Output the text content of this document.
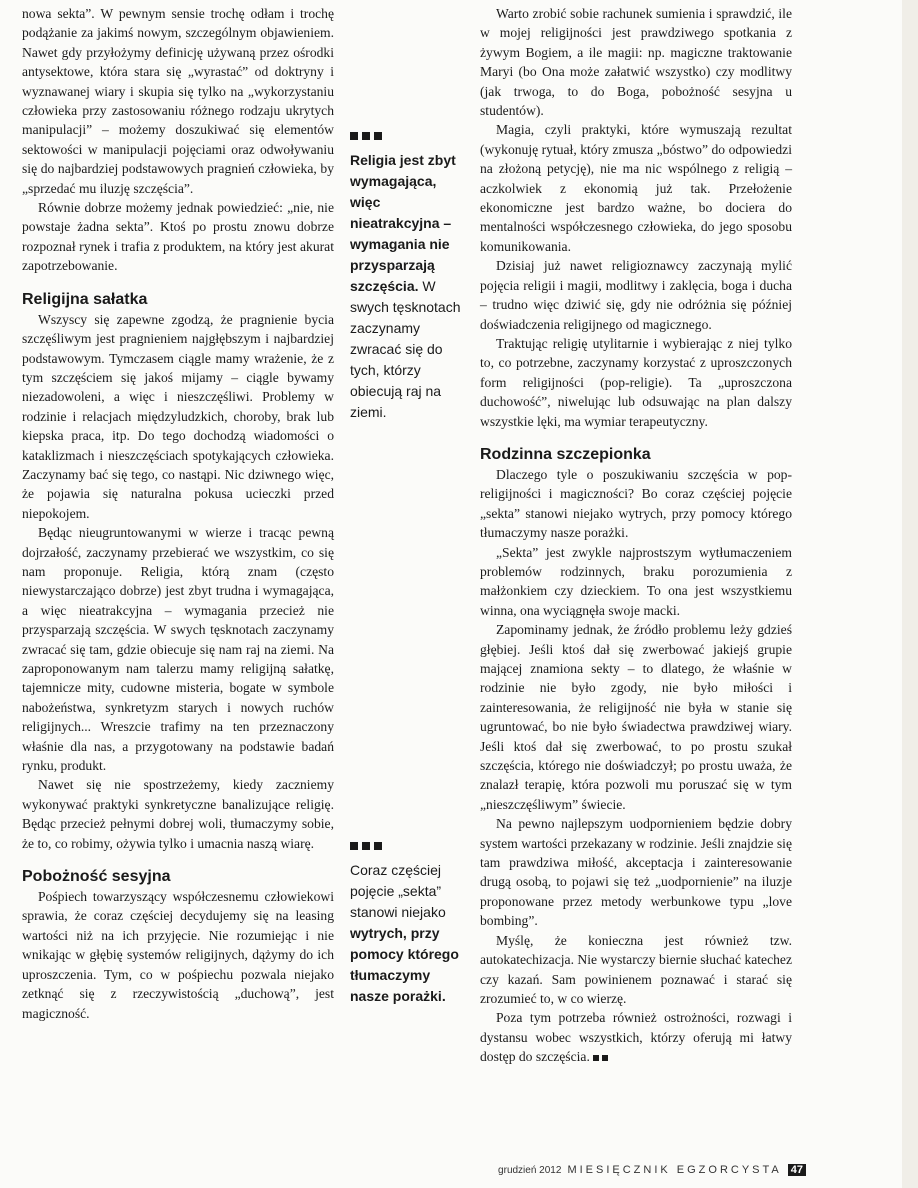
nowa sekta”. W pewnym sensie trochę odłam i trochę podążanie za jakimś nowym, szczególnym objawieniem. Nawet gdy przyłożymy definicję używaną przez ośrodki antysektowe, która stara się „wyrastać” od doktryny i wyznawanej wiary i skupia się tylko na „wykorzystaniu człowieka przy zastosowaniu różnego rodzaju ukrytych manipulacji” – możemy doszukiwać się elementów sektowości w manipulacji pojęciami oraz odwoływaniu się do najbardziej podstawowych pragnień człowieka, by „sprzedać mu iluzję szczęścia”.

Równie dobrze możemy jednak powiedzieć: „nie, nie powstaje żadna sekta”. Ktoś po prostu znowu dobrze rozpoznał rynek i trafia z produktem, na który jest akurat zapotrzebowanie.

Religijna sałatka

Wszyscy się zapewne zgodzą, że pragnienie bycia szczęśliwym jest pragnieniem najgłębszym i najbardziej podstawowym. Tymczasem ciągle mamy wrażenie, że z tym szczęściem się jakoś mijamy – ciągle bywamy niezadowoleni, a więc i nieszczęśliwi. Problemy w rodzinie i relacjach międzyludzkich, choroby, brak lub kiepska praca, itp. Do tego dochodzą wiadomości o kataklizmach i nieszczęściach spotykających człowieka. Zaczynamy bać się tego, co nastąpi. Nic dziwnego więc, że pojawia się naturalna pokusa ucieczki przed niepokojem.

Będąc nieugruntowanymi w wierze i tracąc pewną dojrzałość, zaczynamy przebierać we wszystkim, co się nam proponuje. Religia, którą znam (często niewystarczająco dobrze) jest zbyt trudna i wymagająca, a więc nieatrakcyjna – wymagania przecież nie przysparzają szczęścia. W swych tęsknotach zaczynamy zwracać się tam, gdzie obiecuje się nam raj na ziemi. Na zaproponowanym nam talerzu mamy religijną sałatkę, tajemnicze mity, cudowne misteria, bogate w symbole nabożeństwa, synkretyzm starych i nowych ruchów religijnych... Wreszcie trafimy na ten przeznaczony właśnie dla nas, a przygotowany na podstawie badań rynku, produkt.

Nawet się nie spostrzeżemy, kiedy zaczniemy wykonywać praktyki synkretyczne banalizujące religię. Będąc przecież pełnymi dobrej woli, tłumaczymy sobie, że to, co robimy, ożywia tylko i umacnia naszą wiarę.

Pobożność sesyjna

Pośpiech towarzyszący współczesnemu człowiekowi sprawia, że coraz częściej decydujemy się na leasing wartości niż na ich przyjęcie. Nie rozumiejąc i nie wnikając w głębię systemów religijnych, dążymy do ich uproszczenia. Tym, co w pośpiechu pozwala niejako zetknąć się z rzeczywistością „duchową”, jest magiczność.

Religia jest zbyt wymagająca, więc nieatrakcyjna – wymagania nie przysparzają szczęścia. W swych tęsknotach zaczynamy zwracać się do tych, którzy obiecują raj na ziemi.
Coraz częściej pojęcie „sekta” stanowi niejako wytrych, przy pomocy którego tłumaczymy nasze porażki.

Warto zrobić sobie rachunek sumienia i sprawdzić, ile w mojej religijności jest prawdziwego spotkania z żywym Bogiem, a ile magii: np. magiczne traktowanie Maryi (bo Ona może załatwić wszystko) czy modlitwy (jak trwoga, to do Boga, pobożność sesyjna u studentów).

Magia, czyli praktyki, które wymuszają rezultat (wykonuję rytuał, który zmusza „bóstwo” do odpowiedzi na złożoną petycję), nie ma nic wspólnego z religią – aczkolwiek z ekonomią już tak. Przełożenie ekonomiczne jest bardzo ważne, bo dociera do mentalności współczesnego człowieka, do jego sposobu komunikowania.

Dzisiaj już nawet religioznawcy zaczynają mylić pojęcia religii i magii, modlitwy i zaklęcia, boga i ducha – trudno więc dziwić się, gdy nie odróżnia się później doświadczenia religijnego od magicznego.

Traktując religię utylitarnie i wybierając z niej tylko to, co potrzebne, zaczynamy korzystać z uproszczonych form religijności (pop-religie). Ta „uproszczona duchowość”, niwelując lub odsuwając na plan dalszy wszystkie lęki, ma wymiar terapeutyczny.

Rodzinna szczepionka

Dlaczego tyle o poszukiwaniu szczęścia w pop-religijności i magiczności? Bo coraz częściej pojęcie „sekta” stanowi niejako wytrych, przy pomocy którego tłumaczymy nasze porażki.

„Sekta” jest zwykle najprostszym wytłumaczeniem problemów rodzinnych, braku porozumienia z małżonkiem czy dzieckiem. To ona jest wszystkiemu winna, ona wyciągnęła swoje macki.

Zapominamy jednak, że źródło problemu leży gdzieś głębiej. Jeśli ktoś dał się zwerbować jakiejś grupie mającej znamiona sekty – to dlatego, że właśnie w rodzinie nie było zgody, nie było miłości i zainteresowania, że religijność nie była w stanie się ugruntować, bo nie było świadectwa prawdziwej wiary. Jeśli ktoś dał się zwerbować, to po prostu szukał szczęścia, którego nie doświadczył; po prostu uważa, że znalazł terapię, która pozwoli mu poruszać się w tym „nieszczęśliwym” świecie.

Na pewno najlepszym uodpornieniem będzie dobry system wartości przekazany w rodzinie. Jeśli znajdzie się tam prawdziwa miłość, akceptacja i zainteresowanie drugą osobą, to pojawi się też „uodpornienie” na iluzje proponowane przez metody werbunkowe typu „love bombing”.

Myślę, że konieczna jest również tzw. autokatechizacja. Nie wystarczy biernie słuchać katechez czy kazań. Sam powinienem poznawać i starać się zrozumieć to, w co wierzę.

Poza tym potrzeba również ostrożności, rozwagi i dystansu wobec wszystkich, którzy oferują mi łatwy dostęp do szczęścia.

grudzień 2012 MIESIĘCZNIK EGZORCYSTA 47
